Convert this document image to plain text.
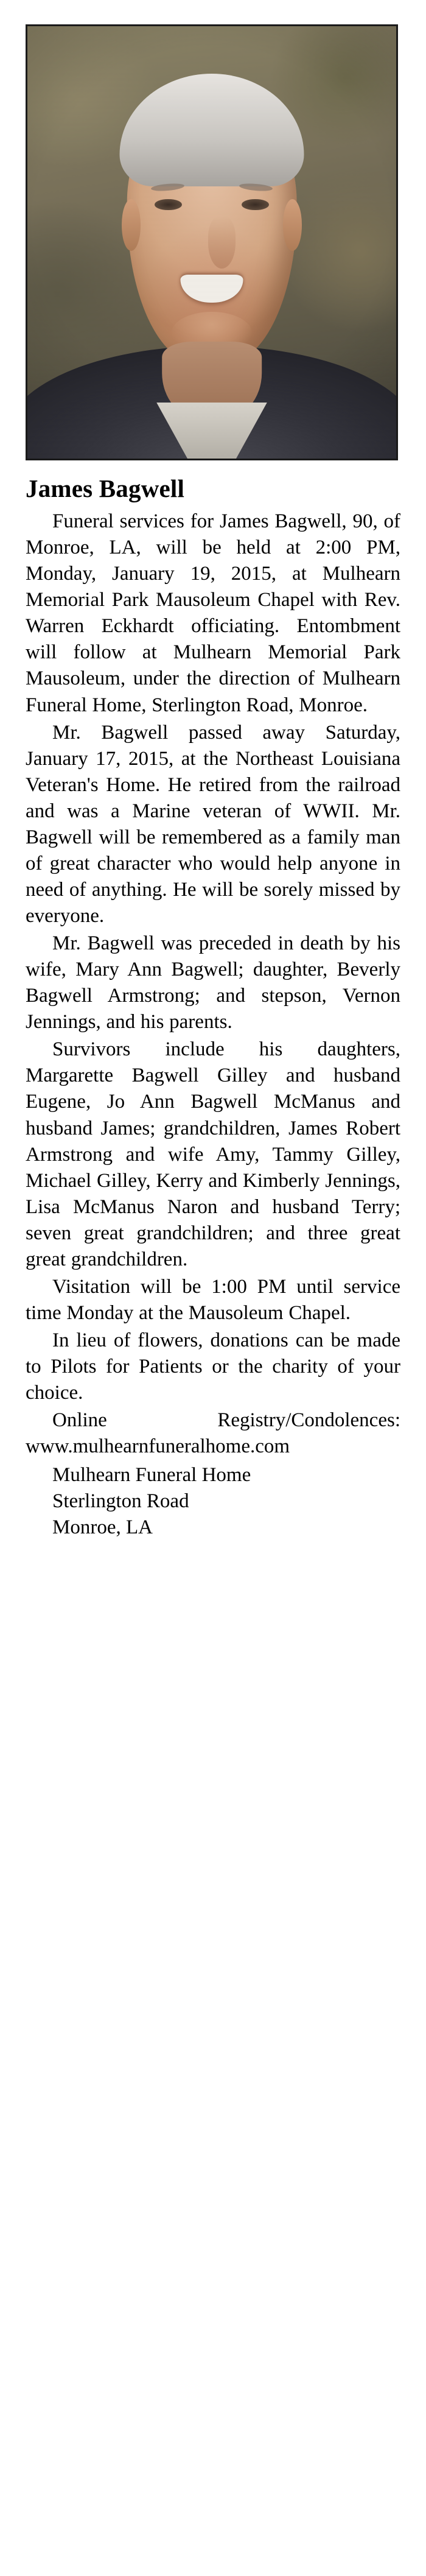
James Bagwell

Funeral services for James Bagwell, 90, of Monroe, LA, will be held at 2:00 PM, Monday, January 19, 2015, at Mulhearn Memorial Park Mausoleum Chapel with Rev. Warren Eckhardt officiating. Entombment will follow at Mulhearn Memorial Park Mausoleum, under the direction of Mulhearn Funeral Home, Sterlington Road, Monroe.

Mr. Bagwell passed away Saturday, January 17, 2015, at the Northeast Louisiana Veteran's Home. He retired from the railroad and was a Marine veteran of WWII. Mr. Bagwell will be remembered as a family man of great character who would help anyone in need of anything. He will be sorely missed by everyone.

Mr. Bagwell was preceded in death by his wife, Mary Ann Bagwell; daughter, Beverly Bagwell Armstrong; and stepson, Vernon Jennings, and his parents.

Survivors include his daughters, Margarette Bagwell Gilley and husband Eugene, Jo Ann Bagwell McManus and husband James; grandchildren, James Robert Armstrong and wife Amy, Tammy Gilley, Michael Gilley, Kerry and Kimberly Jennings, Lisa McManus Naron and husband Terry; seven great grandchildren; and three great great grandchildren.

Visitation will be 1:00 PM until service time Monday at the Mausoleum Chapel.

In lieu of flowers, donations can be made to Pilots for Patients or the charity of your choice.

Online Registry/Condolences: www.mulhearnfuneralhome.com

Mulhearn Funeral Home
Sterlington Road
Monroe, LA
